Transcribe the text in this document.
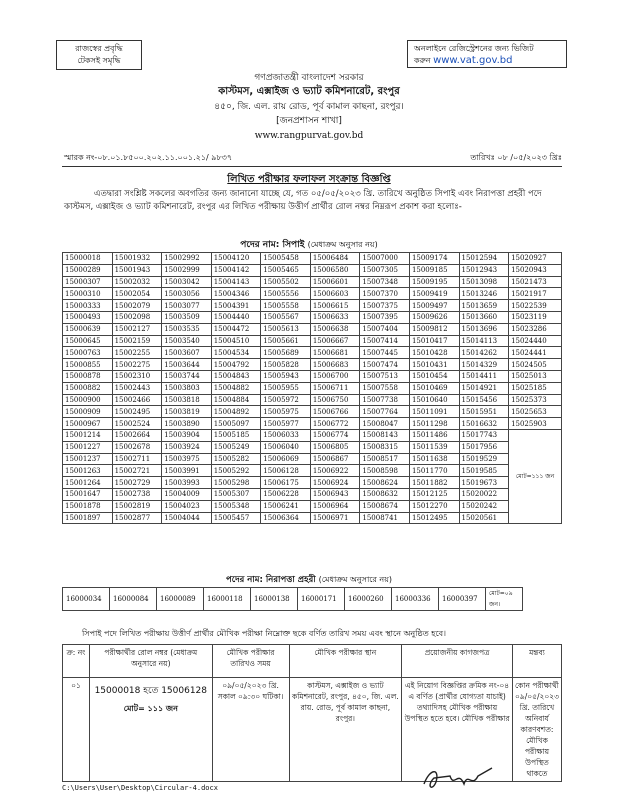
রাজস্বের প্রবৃদ্ধি
টেকসই সমৃদ্ধি
অনলাইনে রেজিস্ট্রেশনের জন্য ভিজিট
করুন www.vat.gov.bd
গণপ্রজাতন্ত্রী বাংলাদেশ সরকার
কাস্টমস, এক্সাইজ ও ভ্যাট কমিশনারেট, রংপুর
৪৫০, জি. এল. রায় রোড, পূর্ব কামাল কাছনা, রংপুর।
[জনপ্রশাসন শাখা]
www.rangpurvat.gov.bd
স্মারক নং-০৮.০১.৮৫০০.২০২.১১.০০১.২১/ ৯৮৩৭	তারিখঃ ০৮ /০৫/২০২৩ খ্রিঃ
লিখিত পরীক্ষার ফলাফল সংক্রান্ত বিজ্ঞপ্তি
এতদ্বারা সংশ্লিষ্ট সকলের অবগতির জন্য জানানো যাচ্ছে যে, গত ০৫/০৫/২০২৩ খ্রি. তারিখে অনুষ্ঠিত সিপাই এবং নিরাপত্তা প্রহরী পদে কাস্টমস, এক্সাইজ ও ভ্যাট কমিশনারেট, রংপুর এর লিখিত পরীক্ষায় উত্তীর্ণ প্রার্থীর রোল নম্বর নিম্নরূপ প্রকাশ করা হলোঃ-
পদের নাম: সিপাই (মেধাক্রম অনুসার নয়)
15000018	15001932	15002992	15004120	15005458	15006484	15007000	15009174	15012594	15020927
15000289	15001943	15002999	15004142	15005465	15006580	15007305	15009185	15012943	15020943
15000307	15002032	15003042	15004143	15005502	15006601	15007348	15009195	15013098	15021473
15000310	15002054	15003056	15004346	15005556	15006603	15007370	15009419	15013246	15021917
15000333	15002079	15003077	15004391	15005558	15006615	15007375	15009497	15013659	15022539
15000493	15002098	15003509	15004440	15005567	15006633	15007395	15009626	15013660	15023119
15000639	15002127	15003535	15004472	15005613	15006638	15007404	15009812	15013696	15023286
15000645	15002159	15003540	15004510	15005661	15006667	15007414	15010417	15014113	15024440
15000763	15002255	15003607	15004534	15005689	15006681	15007445	15010428	15014262	15024441
15000855	15002275	15003644	15004792	15005828	15006683	15007474	15010431	15014329	15024505
15000878	15002310	15003744	15004843	15005943	15006700	15007513	15010454	15014411	15025013
15000882	15002443	15003803	15004882	15005955	15006711	15007558	15010469	15014921	15025185
15000900	15002466	15003818	15004884	15005972	15006750	15007738	15010640	15015456	15025373
15000909	15002495	15003819	15004892	15005975	15006766	15007764	15011091	15015951	15025653
15000967	15002524	15003890	15005097	15005977	15006772	15008047	15011298	15016632	15025903
15001214	15002664	15003904	15005185	15006033	15006774	15008143	15011486	15017743	মোট=১১১ জন
15001227	15002678	15003924	15005249	15006040	15006805	15008315	15011539	15017956	
15001237	15002711	15003975	15005282	15006069	15006867	15008517	15011638	15019529	
15001263	15002721	15003991	15005292	15006128	15006922	15008598	15011770	15019585	
15001264	15002729	15003993	15005298	15006175	15006924	15008624	15011882	15019673	
15001647	15002738	15004009	15005307	15006228	15006943	15008632	15012125	15020022	
15001878	15002819	15004023	15005348	15006241	15006964	15008674	15012270	15020242	
15001897	15002877	15004044	15005457	15006364	15006971	15008741	15012495	15020561	
পদের নাম: নিরাপত্তা প্রহরী (মেধাক্রম অনুসারে নয়)
16000034	16000084	16000089	16000118	16000138	16000171	16000260	16000336	16000397	মোট=০৯ জন।
সিপাই পদে লিখিত পরীক্ষায় উত্তীর্ণ প্রার্থীর মৌখিক পরীক্ষা নিম্নোক্ত ছকে বর্ণিত তারিখ সময় এবং স্থানে অনুষ্ঠিত হবে।
ক্র: নং	পরীক্ষার্থীর রোল নম্বর (মেধাক্রম অনুসারে নয়)	মৌখিক পরীক্ষার তারিখও সময়	মৌখিক পরীক্ষার স্থান	প্রয়োজনীয় কাগজপত্র	মন্তব্য
০১	15000018 হতে 15006128
মোট= ১১১ জন	০৯/০৫/২০২৩ খ্রি. সকাল ০৯:৩০ ঘটিকা।	কাস্টমস, এক্সাইজ ও ভ্যাট কমিশনারেট, রংপুর, ৪৫০, জি. এল. রায়. রোড, পূর্ব কামাল কাছনা, রংপুর।	এই নিয়োগ বিজ্ঞপ্তির ক্রমিক নং-০৪ এ বর্ণিত (প্রার্থীর যোগ্যতা যাচাই) তথ্যাদিসহ মৌখিক পরীক্ষায় উপস্থিত হতে হবে। মৌখিক পরীক্ষার	কোন পরীক্ষার্থী ০৯/০৫/২০২৩ খ্রি. তারিখে অনিবার্য কারণবশত: মৌখিক পরীক্ষায় উপস্থিত থাকতে
C:\Users\User\Desktop\Circular-4.docx
